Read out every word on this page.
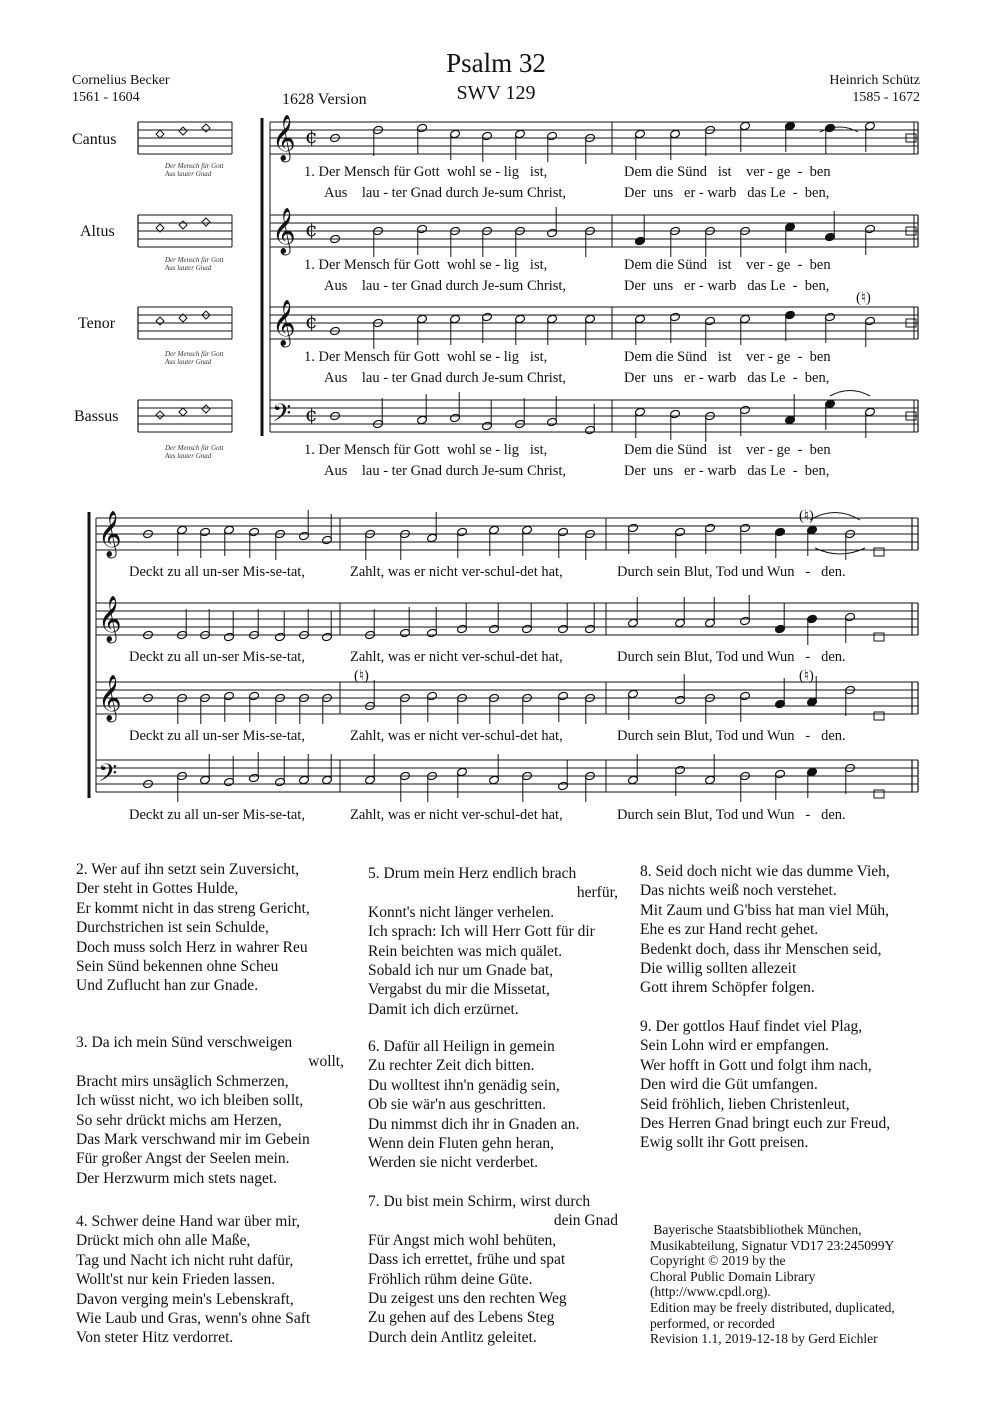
Psalm 32
SWV 129
Cornelius Becker
1561 - 1604
Heinrich Schütz
1585 - 1672
1628 Version
Cantus
Altus
Tenor
Bassus
Der Mensch für Gott
Aus lauter Gnad
Der Mensch für Gott
Aus lauter Gnad
Der Mensch für Gott
Aus lauter Gnad
Der Mensch für Gott
Aus lauter Gnad
𝄞 ¢
𝄞 ¢
𝄞 ¢
𝄢 ¢
𝄞
𝄞
𝄞
𝄢
1. Der Mensch für Gott  wohl se - lig   ist,
Aus    lau - ter Gnad durch Je-sum Christ,
Dem die Sünd   ist    ver - ge  -  ben
Der  uns   er - warb   das Le  -  ben,
1. Der Mensch für Gott  wohl se - lig   ist,
Aus    lau - ter Gnad durch Je-sum Christ,
Dem die Sünd   ist    ver - ge  -  ben
Der  uns   er - warb   das Le  -  ben,
1. Der Mensch für Gott  wohl se - lig   ist,
Aus    lau - ter Gnad durch Je-sum Christ,
Dem die Sünd   ist    ver - ge  -  ben
Der  uns   er - warb   das Le  -  ben,
1. Der Mensch für Gott  wohl se - lig   ist,
Aus    lau - ter Gnad durch Je-sum Christ,
Dem die Sünd   ist    ver - ge  -  ben
Der  uns   er - warb   das Le  -  ben,
Deckt zu all un-ser Mis-se-tat,	Zahlt, was er nicht ver-schul-det hat,	Durch sein Blut, Tod und Wun   -   den.
Deckt zu all un-ser Mis-se-tat,	Zahlt, was er nicht ver-schul-det hat,	Durch sein Blut, Tod und Wun   -   den.
Deckt zu all un-ser Mis-se-tat,	Zahlt, was er nicht ver-schul-det hat,	Durch sein Blut, Tod und Wun   -   den.
Deckt zu all un-ser Mis-se-tat,	Zahlt, was er nicht ver-schul-det hat,	Durch sein Blut, Tod und Wun   -   den.
(♮)
(♮)
(♮)	(♮)
2. Wer auf ihn setzt sein Zuversicht,
Der steht in Gottes Hulde,
Er kommt nicht in das streng Gericht,
Durchstrichen ist sein Schulde,
Doch muss solch Herz in wahrer Reu
Sein Sünd bekennen ohne Scheu
Und Zuflucht han zur Gnade.
3. Da ich mein Sünd verschweigen
wollt,
Bracht mirs unsäglich Schmerzen,
Ich wüsst nicht, wo ich bleiben sollt,
So sehr drückt michs am Herzen,
Das Mark verschwand mir im Gebein
Für großer Angst der Seelen mein.
Der Herzwurm mich stets naget.
4. Schwer deine Hand war über mir,
Drückt mich ohn alle Maße,
Tag und Nacht ich nicht ruht dafür,
Wollt'st nur kein Frieden lassen.
Davon verging mein's Lebenskraft,
Wie Laub und Gras, wenn's ohne Saft
Von steter Hitz verdorret.
5. Drum mein Herz endlich brach
herfür,
Konnt's nicht länger verhelen.
Ich sprach: Ich will Herr Gott für dir
Rein beichten was mich quälet.
Sobald ich nur um Gnade bat,
Vergabst du mir die Missetat,
Damit ich dich erzürnet.
6. Dafür all Heilign in gemein
Zu rechter Zeit dich bitten.
Du wolltest ihn'n genädig sein,
Ob sie wär'n aus geschritten.
Du nimmst dich ihr in Gnaden an.
Wenn dein Fluten gehn heran,
Werden sie nicht verderbet.
7. Du bist mein Schirm, wirst durch
dein Gnad
Für Angst mich wohl behüten,
Dass ich errettet, frühe und spat
Fröhlich rühm deine Güte.
Du zeigest uns den rechten Weg
Zu gehen auf des Lebens Steg
Durch dein Antlitz geleitet.
8. Seid doch nicht wie das dumme Vieh,
Das nichts weiß noch verstehet.
Mit Zaum und G'biss hat man viel Müh,
Ehe es zur Hand recht gehet.
Bedenkt doch, dass ihr Menschen seid,
Die willig sollten allezeit
Gott ihrem Schöpfer folgen.
9. Der gottlos Hauf findet viel Plag,
Sein Lohn wird er empfangen.
Wer hofft in Gott und folgt ihm nach,
Den wird die Güt umfangen.
Seid fröhlich, lieben Christenleut,
Des Herren Gnad bringt euch zur Freud,
Ewig sollt ihr Gott preisen.
Bayerische Staatsbibliothek München,
Musikabteilung, Signatur VD17 23:245099Y
Copyright © 2019 by the
Choral Public Domain Library
(http://www.cpdl.org).
Edition may be freely distributed, duplicated,
performed, or recorded
Revision 1.1, 2019-12-18 by Gerd Eichler
